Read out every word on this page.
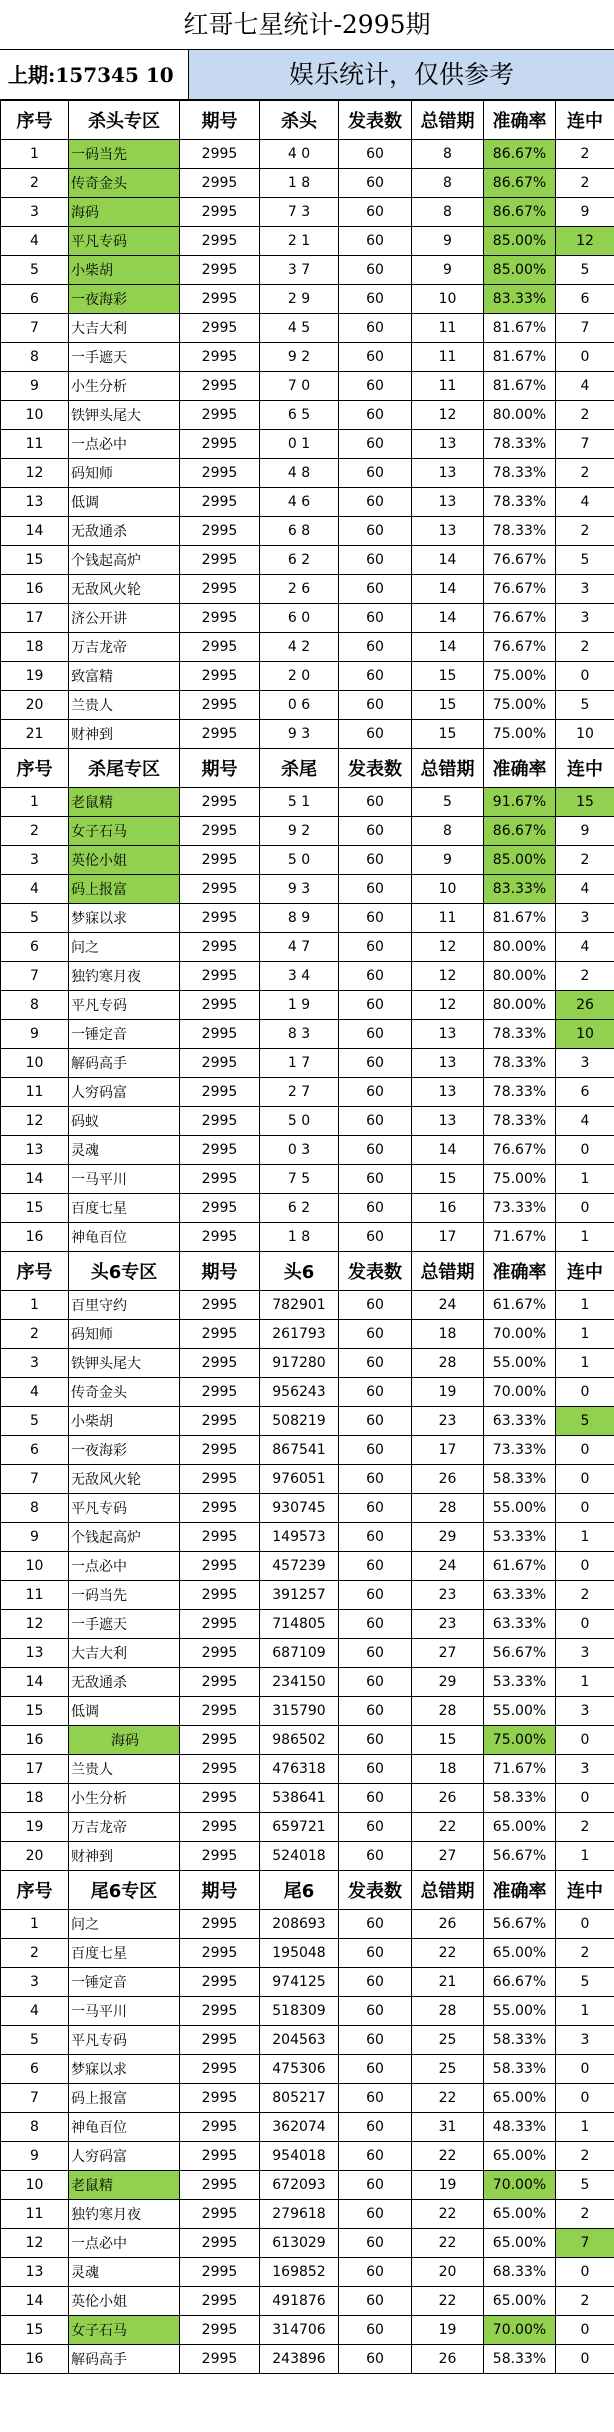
红哥七星统计-2995期
上期:157345 10	娱乐统计，仅供参考
序号	杀头专区	期号	杀头	发表数	总错期	准确率	连中
1	一码当先	2995	4 0	60	8	86.67%	2
2	传奇金头	2995	1 8	60	8	86.67%	2
3	海码	2995	7 3	60	8	86.67%	9
4	平凡专码	2995	2 1	60	9	85.00%	12
5	小柴胡	2995	3 7	60	9	85.00%	5
6	一夜海彩	2995	2 9	60	10	83.33%	6
7	大吉大利	2995	4 5	60	11	81.67%	7
8	一手遮天	2995	9 2	60	11	81.67%	0
9	小生分析	2995	7 0	60	11	81.67%	4
10	铁钾头尾大	2995	6 5	60	12	80.00%	2
11	一点必中	2995	0 1	60	13	78.33%	7
12	码知师	2995	4 8	60	13	78.33%	2
13	低调	2995	4 6	60	13	78.33%	4
14	无敌通杀	2995	6 8	60	13	78.33%	2
15	个钱起高炉	2995	6 2	60	14	76.67%	5
16	无敌风火轮	2995	2 6	60	14	76.67%	3
17	济公开讲	2995	6 0	60	14	76.67%	3
18	万吉龙帝	2995	4 2	60	14	76.67%	2
19	致富精	2995	2 0	60	15	75.00%	0
20	兰贵人	2995	0 6	60	15	75.00%	5
21	财神到	2995	9 3	60	15	75.00%	10
序号	杀尾专区	期号	杀尾	发表数	总错期	准确率	连中
1	老鼠精	2995	5 1	60	5	91.67%	15
2	女子石马	2995	9 2	60	8	86.67%	9
3	英伦小姐	2995	5 0	60	9	85.00%	2
4	码上报富	2995	9 3	60	10	83.33%	4
5	梦寐以求	2995	8 9	60	11	81.67%	3
6	问之	2995	4 7	60	12	80.00%	4
7	独钓寒月夜	2995	3 4	60	12	80.00%	2
8	平凡专码	2995	1 9	60	12	80.00%	26
9	一锤定音	2995	8 3	60	13	78.33%	10
10	解码高手	2995	1 7	60	13	78.33%	3
11	人穷码富	2995	2 7	60	13	78.33%	6
12	码蚁	2995	5 0	60	13	78.33%	4
13	灵魂	2995	0 3	60	14	76.67%	0
14	一马平川	2995	7 5	60	15	75.00%	1
15	百度七星	2995	6 2	60	16	73.33%	0
16	神龟百位	2995	1 8	60	17	71.67%	1
序号	头6专区	期号	头6	发表数	总错期	准确率	连中
1	百里守约	2995	782901	60	24	61.67%	1
2	码知师	2995	261793	60	18	70.00%	1
3	铁钾头尾大	2995	917280	60	28	55.00%	1
4	传奇金头	2995	956243	60	19	70.00%	0
5	小柴胡	2995	508219	60	23	63.33%	5
6	一夜海彩	2995	867541	60	17	73.33%	0
7	无敌风火轮	2995	976051	60	26	58.33%	0
8	平凡专码	2995	930745	60	28	55.00%	0
9	个钱起高炉	2995	149573	60	29	53.33%	1
10	一点必中	2995	457239	60	24	61.67%	0
11	一码当先	2995	391257	60	23	63.33%	2
12	一手遮天	2995	714805	60	23	63.33%	0
13	大吉大利	2995	687109	60	27	56.67%	3
14	无敌通杀	2995	234150	60	29	53.33%	1
15	低调	2995	315790	60	28	55.00%	3
16	海码	2995	986502	60	15	75.00%	0
17	兰贵人	2995	476318	60	18	71.67%	3
18	小生分析	2995	538641	60	26	58.33%	0
19	万吉龙帝	2995	659721	60	22	65.00%	2
20	财神到	2995	524018	60	27	56.67%	1
序号	尾6专区	期号	尾6	发表数	总错期	准确率	连中
1	问之	2995	208693	60	26	56.67%	0
2	百度七星	2995	195048	60	22	65.00%	2
3	一锤定音	2995	974125	60	21	66.67%	5
4	一马平川	2995	518309	60	28	55.00%	1
5	平凡专码	2995	204563	60	25	58.33%	3
6	梦寐以求	2995	475306	60	25	58.33%	0
7	码上报富	2995	805217	60	22	65.00%	0
8	神龟百位	2995	362074	60	31	48.33%	1
9	人穷码富	2995	954018	60	22	65.00%	2
10	老鼠精	2995	672093	60	19	70.00%	5
11	独钓寒月夜	2995	279618	60	22	65.00%	2
12	一点必中	2995	613029	60	22	65.00%	7
13	灵魂	2995	169852	60	20	68.33%	0
14	英伦小姐	2995	491876	60	22	65.00%	2
15	女子石马	2995	314706	60	19	70.00%	0
16	解码高手	2995	243896	60	26	58.33%	0
